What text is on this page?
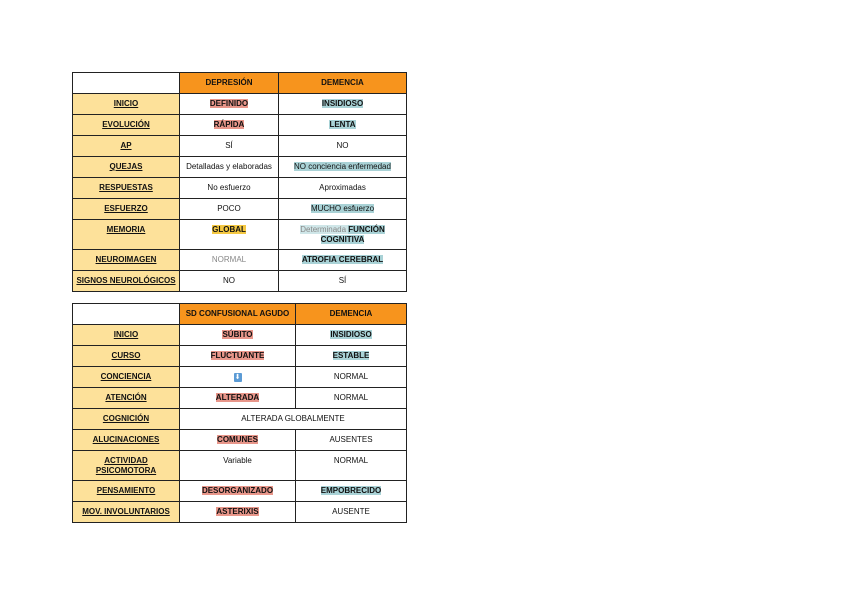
	DEPRESIÓN	DEMENCIA
INICIO	DEFINIDO	INSIDIOSO
EVOLUCIÓN	RÁPIDA	LENTA
AP	SÍ	NO
QUEJAS	Detalladas y elaboradas	NO conciencia enfermedad
RESPUESTAS	No esfuerzo	Aproximadas
ESFUERZO	POCO	MUCHO esfuerzo
MEMORIA	GLOBAL	Determinada FUNCIÓN COGNITIVA
NEUROIMAGEN	NORMAL	ATROFIA CEREBRAL
SIGNOS NEUROLÓGICOS	NO	SÍ
	SD CONFUSIONAL AGUDO	DEMENCIA
INICIO	SÚBITO	INSIDIOSO
CURSO	FLUCTUANTE	ESTABLE
CONCIENCIA	⬇	NORMAL
ATENCIÓN	ALTERADA	NORMAL
COGNICIÓN	ALTERADA GLOBALMENTE	
ALUCINACIONES	COMUNES	AUSENTES
ACTIVIDAD PSICOMOTORA	Variable	NORMAL
PENSAMIENTO	DESORGANIZADO	EMPOBRECIDO
MOV. INVOLUNTARIOS	ASTERIXIS	AUSENTE
